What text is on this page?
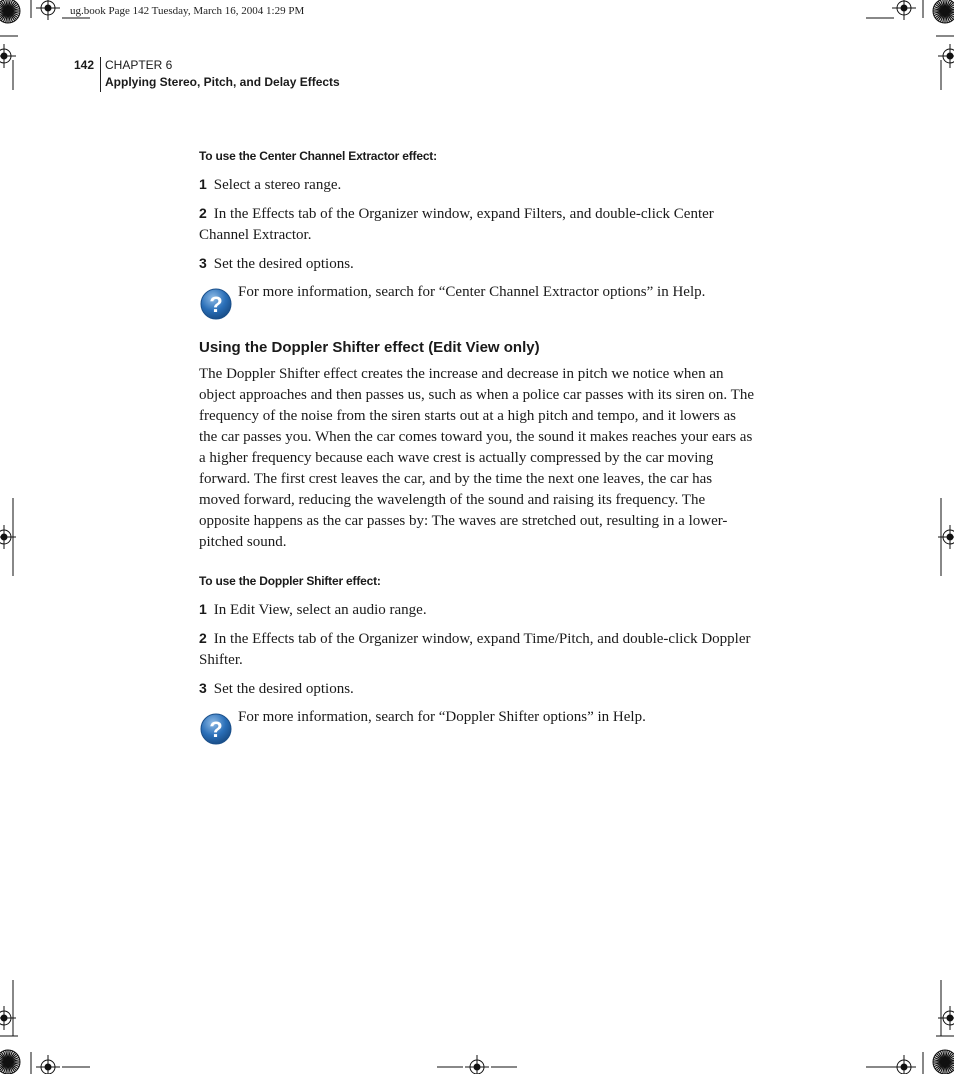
ug.book Page 142 Tuesday, March 16, 2004 1:29 PM
142 CHAPTER 6
Applying Stereo, Pitch, and Delay Effects
To use the Center Channel Extractor effect:
1 Select a stereo range.
2 In the Effects tab of the Organizer window, expand Filters, and double-click Center Channel Extractor.
3 Set the desired options.
? For more information, search for “Center Channel Extractor options” in Help.
Using the Doppler Shifter effect (Edit View only)
The Doppler Shifter effect creates the increase and decrease in pitch we notice when an object approaches and then passes us, such as when a police car passes with its siren on. The frequency of the noise from the siren starts out at a high pitch and tempo, and it lowers as the car passes you. When the car comes toward you, the sound it makes reaches your ears as a higher frequency because each wave crest is actually compressed by the car moving forward. The first crest leaves the car, and by the time the next one leaves, the car has moved forward, reducing the wavelength of the sound and raising its frequency. The opposite happens as the car passes by: The waves are stretched out, resulting in a lower-pitched sound.
To use the Doppler Shifter effect:
1 In Edit View, select an audio range.
2 In the Effects tab of the Organizer window, expand Time/Pitch, and double-click Doppler Shifter.
3 Set the desired options.
? For more information, search for “Doppler Shifter options” in Help.
